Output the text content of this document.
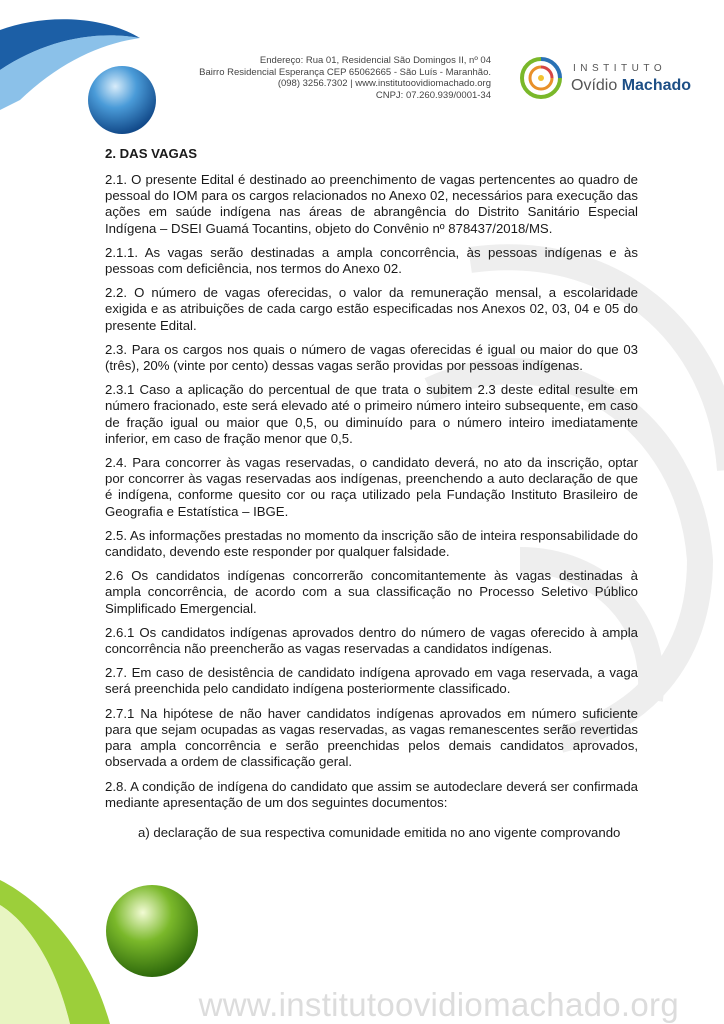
Endereço: Rua 01, Residencial São Domingos II, nº 04
Bairro Residencial Esperança CEP 65062665 - São Luís - Maranhão.
(098) 3256.7302 | www.institutoovidiomachado.org
CNPJ: 07.260.939/0001-34
INSTITUTO
Ovídio Machado
2. DAS VAGAS

2.1. O presente Edital é destinado ao preenchimento de vagas pertencentes ao quadro de pessoal do IOM para os cargos relacionados no Anexo 02, necessários para execução das ações em saúde indígena nas áreas de abrangência do Distrito Sanitário Especial Indígena – DSEI Guamá Tocantins, objeto do Convênio nº 878437/2018/MS.

2.1.1. As vagas serão destinadas a ampla concorrência, às pessoas indígenas e às pessoas com deficiência, nos termos do Anexo 02.

2.2. O número de vagas oferecidas, o valor da remuneração mensal, a escolaridade exigida e as atribuições de cada cargo estão especificadas nos Anexos 02, 03, 04 e 05 do presente Edital.

2.3. Para os cargos nos quais o número de vagas oferecidas é igual ou maior do que 03 (três), 20% (vinte por cento) dessas vagas serão providas por pessoas indígenas.

2.3.1 Caso a aplicação do percentual de que trata o subitem 2.3 deste edital resulte em número fracionado, este será elevado até o primeiro número inteiro subsequente, em caso de fração igual ou maior que 0,5, ou diminuído para o número inteiro imediatamente inferior, em caso de fração menor que 0,5.

2.4. Para concorrer às vagas reservadas, o candidato deverá, no ato da inscrição, optar por concorrer às vagas reservadas aos indígenas, preenchendo a auto declaração de que é indígena, conforme quesito cor ou raça utilizado pela Fundação Instituto Brasileiro de Geografia e Estatística – IBGE.

2.5. As informações prestadas no momento da inscrição são de inteira responsabilidade do candidato, devendo este responder por qualquer falsidade.

2.6 Os candidatos indígenas concorrerão concomitantemente às vagas destinadas à ampla concorrência, de acordo com a sua classificação no Processo Seletivo Público Simplificado Emergencial.

2.6.1 Os candidatos indígenas aprovados dentro do número de vagas oferecido à ampla concorrência não preencherão as vagas reservadas a candidatos indígenas.

2.7. Em caso de desistência de candidato indígena aprovado em vaga reservada, a vaga será preenchida pelo candidato indígena posteriormente classificado.

2.7.1 Na hipótese de não haver candidatos indígenas aprovados em número suficiente para que sejam ocupadas as vagas reservadas, as vagas remanescentes serão revertidas para ampla concorrência e serão preenchidas pelos demais candidatos aprovados, observada a ordem de classificação geral.

2.8. A condição de indígena do candidato que assim se autodeclare deverá ser confirmada mediante apresentação de um dos seguintes documentos:

a) declaração de sua respectiva comunidade emitida no ano vigente comprovando

www.institutoovidiomachado.org
